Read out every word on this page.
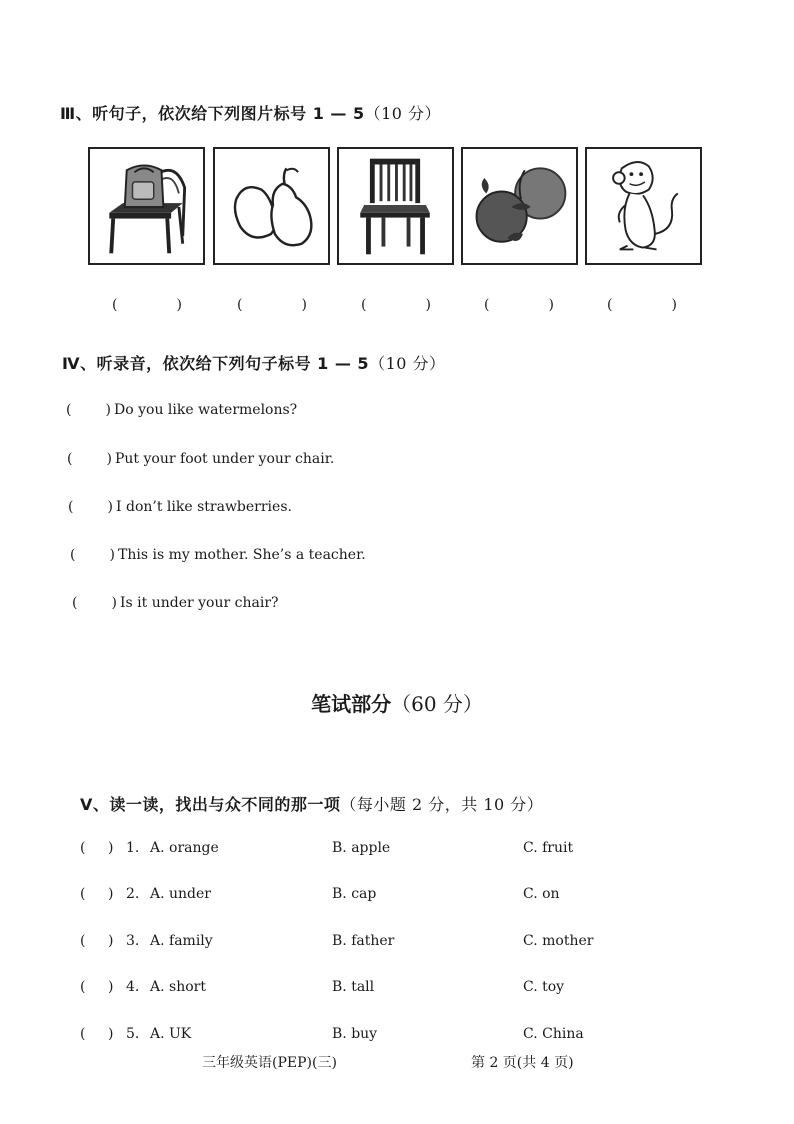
Ⅲ、听句子，依次给下列图片标号 1 — 5（10 分）
(	)	(	)	(	)	(	)	(	)
Ⅳ、听录音，依次给下列句子标号 1 — 5（10 分）
( ) Do you like watermelons?
( ) Put your foot under your chair.
( ) I don’t like strawberries.
( ) This is my mother. She’s a teacher.
( ) Is it under your chair?
笔试部分（60 分）
Ⅴ、读一读，找出与众不同的那一项（每小题 2 分，共 10 分）
(	) 1. A. orange	B. apple	C. fruit
(	) 2. A. under	B. cap	C. on
(	) 3. A. family	B. father	C. mother
(	) 4. A. short	B. tall	C. toy
(	) 5. A. UK	B. buy	C. China
三年级英语(PEP)(三)	第 2 页(共 4 页)
